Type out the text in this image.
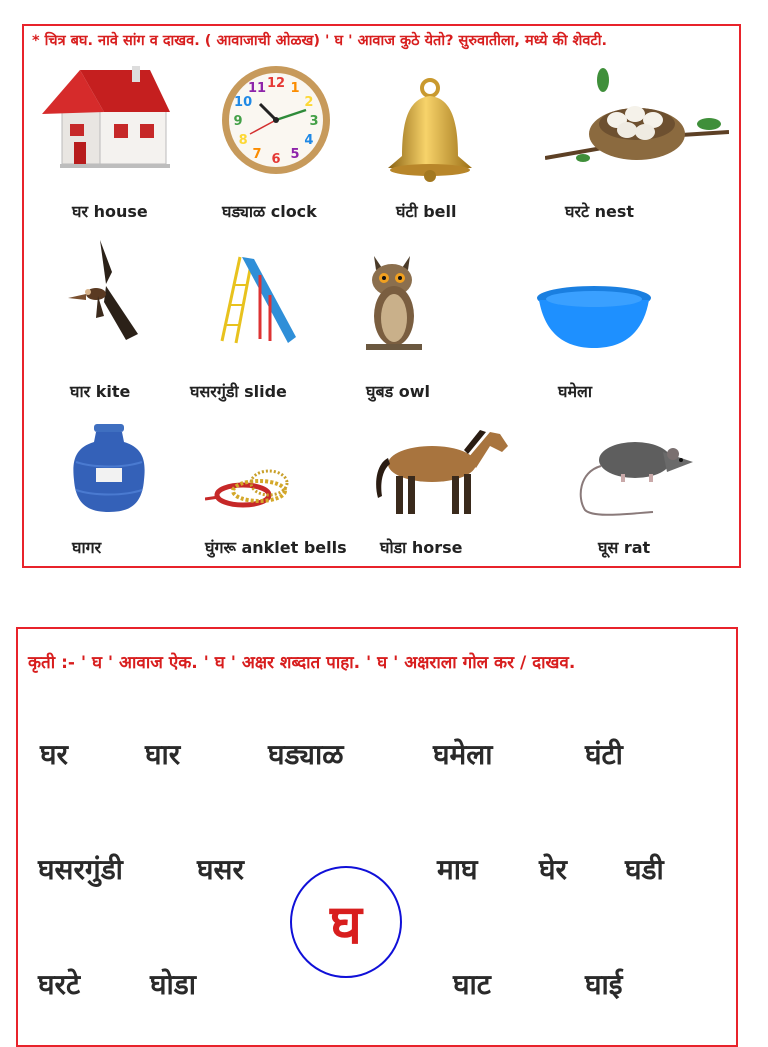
* चित्र बघ. नावे सांग व दाखव. ( आवाजाची ओळख) ' घ ' आवाज कुठे येतो? सुरुवातीला, मध्ये की शेवटी.
घर house
12 1
2
3
4
5
6
7
8
9
10
11
घड्याळ clock	घंटी bell	घरटे nest
घार kite	घसरगुंडी slide	घुबड owl	घमेला
घागर	घुंगरू anklet bells घोडा horse	घूस rat
कृती :- ' घ ' आवाज ऐक. ' घ ' अक्षर शब्दात पाहा. ' घ ' अक्षराला गोल कर / दाखव.
घर	घार	घड्याळ	घमेला	घंटी
घसरगुंडी	घसर	माघ घेर घडी
घरटे घोडा	घाट	घाई
घ
